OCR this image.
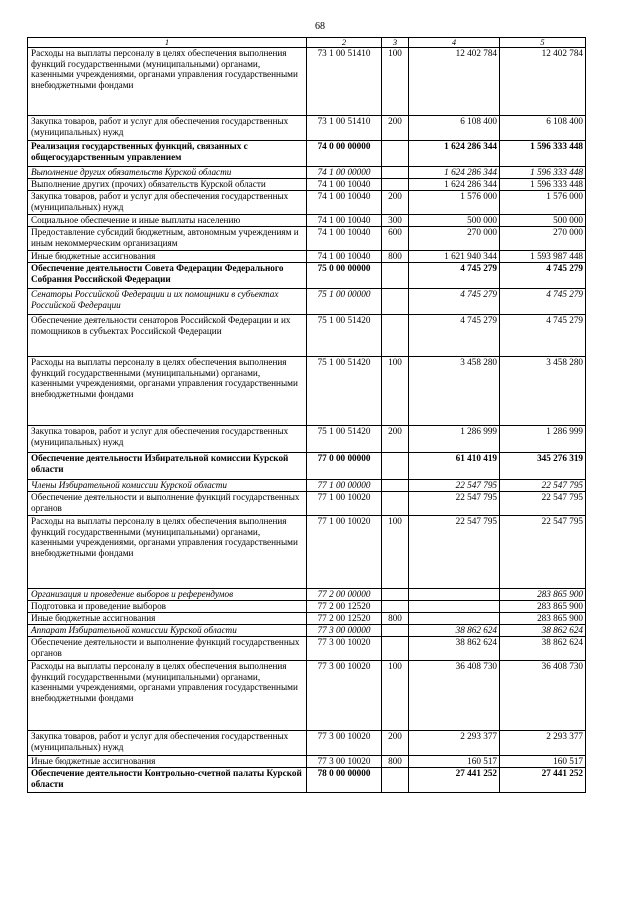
68
1	2	3	4	5
Расходы на выплаты персоналу в целях обеспечения выполнения функций государственными (муниципальными) органами, казенными учреждениями, органами управления государственными внебюджетными фондами	73 1 00 51410	100	12 402 784	12 402 784
Закупка товаров, работ и услуг для обеспечения государственных (муниципальных) нужд	73 1 00 51410	200	6 108 400	6 108 400
Реализация государственных функций, связанных с общегосударственным управлением	74 0 00 00000		1 624 286 344	1 596 333 448
Выполнение других обязательств Курской области	74 1 00 00000		1 624 286 344	1 596 333 448
Выполнение других (прочих) обязательств Курской области	74 1 00 10040		1 624 286 344	1 596 333 448
Закупка товаров, работ и услуг для обеспечения государственных (муниципальных) нужд	74 1 00 10040	200	1 576 000	1 576 000
Социальное обеспечение и иные выплаты населению	74 1 00 10040	300	500 000	500 000
Предоставление субсидий бюджетным, автономным учреждениям и иным некоммерческим организациям	74 1 00 10040	600	270 000	270 000
Иные бюджетные ассигнования	74 1 00 10040	800	1 621 940 344	1 593 987 448
Обеспечение деятельности Совета Федерации Федерального Собрания Российской Федерации	75 0 00 00000		4 745 279	4 745 279
Сенаторы Российской Федерации и их помощники в субъектах Российской Федерации	75 1 00 00000		4 745 279	4 745 279
Обеспечение деятельности сенаторов Российской Федерации и их помощников в субъектах Российской Федерации	75 1 00 51420		4 745 279	4 745 279
Расходы на выплаты персоналу в целях обеспечения выполнения функций государственными (муниципальными) органами, казенными учреждениями, органами управления государственными внебюджетными фондами	75 1 00 51420	100	3 458 280	3 458 280
Закупка товаров, работ и услуг для обеспечения государственных (муниципальных) нужд	75 1 00 51420	200	1 286 999	1 286 999
Обеспечение деятельности Избирательной комиссии Курской области	77 0 00 00000		61 410 419	345 276 319
Члены Избирательной комиссии Курской области	77 1 00 00000		22 547 795	22 547 795
Обеспечение деятельности и выполнение функций государственных органов	77 1 00 10020		22 547 795	22 547 795
Расходы на выплаты персоналу в целях обеспечения выполнения функций государственными (муниципальными) органами, казенными учреждениями, органами управления государственными внебюджетными фондами	77 1 00 10020	100	22 547 795	22 547 795
Организация и проведение выборов и референдумов	77 2 00 00000			283 865 900
Подготовка и проведение выборов	77 2 00 12520			283 865 900
Иные бюджетные ассигнования	77 2 00 12520	800		283 865 900
Аппарат Избирательной комиссии Курской области	77 3 00 00000		38 862 624	38 862 624
Обеспечение деятельности и выполнение функций государственных органов	77 3 00 10020		38 862 624	38 862 624
Расходы на выплаты персоналу в целях обеспечения выполнения функций государственными (муниципальными) органами, казенными учреждениями, органами управления государственными внебюджетными фондами	77 3 00 10020	100	36 408 730	36 408 730
Закупка товаров, работ и услуг для обеспечения государственных (муниципальных) нужд	77 3 00 10020	200	2 293 377	2 293 377
Иные бюджетные ассигнования	77 3 00 10020	800	160 517	160 517
Обеспечение деятельности Контрольно-счетной палаты Курской области	78 0 00 00000		27 441 252	27 441 252
